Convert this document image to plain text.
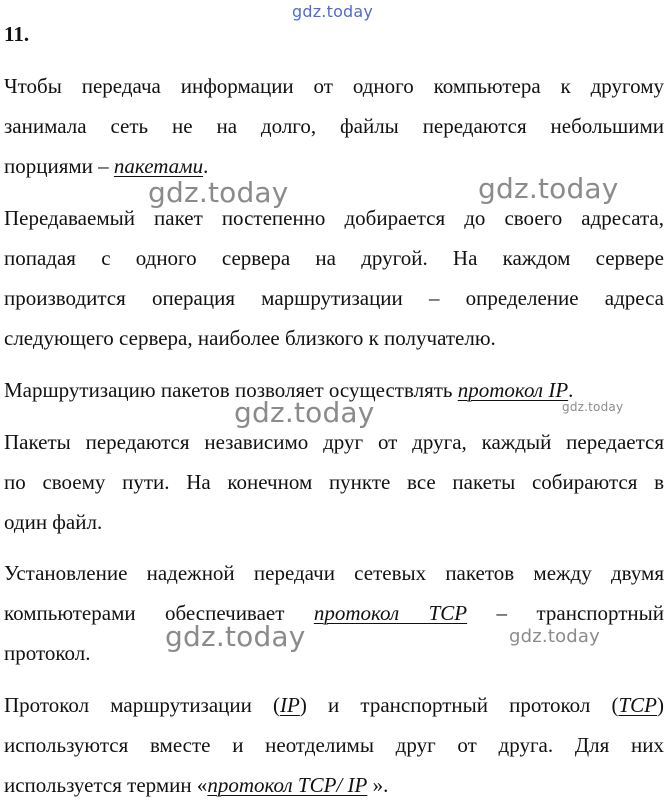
gdz.today
11.
Чтобы передача информации от одного компьютера к другому
занимала сеть не на долго, файлы передаются небольшими
порциями – пакетами.
Передаваемый пакет постепенно добирается до своего адресата,
попадая с одного сервера на другой. На каждом сервере
производится операция маршрутизации – определение адреса
следующего сервера, наиболее близкого к получателю.
Маршрутизацию пакетов позволяет осуществлять протокол IP.
Пакеты передаются независимо друг от друга, каждый передается
по своему пути. На конечном пункте все пакеты собираются в
один файл.
Установление надежной передачи сетевых пакетов между двумя
компьютерами обеспечивает протокол TCP – транспортный
протокол.
Протокол маршрутизации (IP) и транспортный протокол (TCP)
используются вместе и неотделимы друг от друга. Для них
используется термин «протокол TCP/ IP ».
gdz.today	gdz.today
gdz.today	gdz.today
gdz.today	gdz.today
